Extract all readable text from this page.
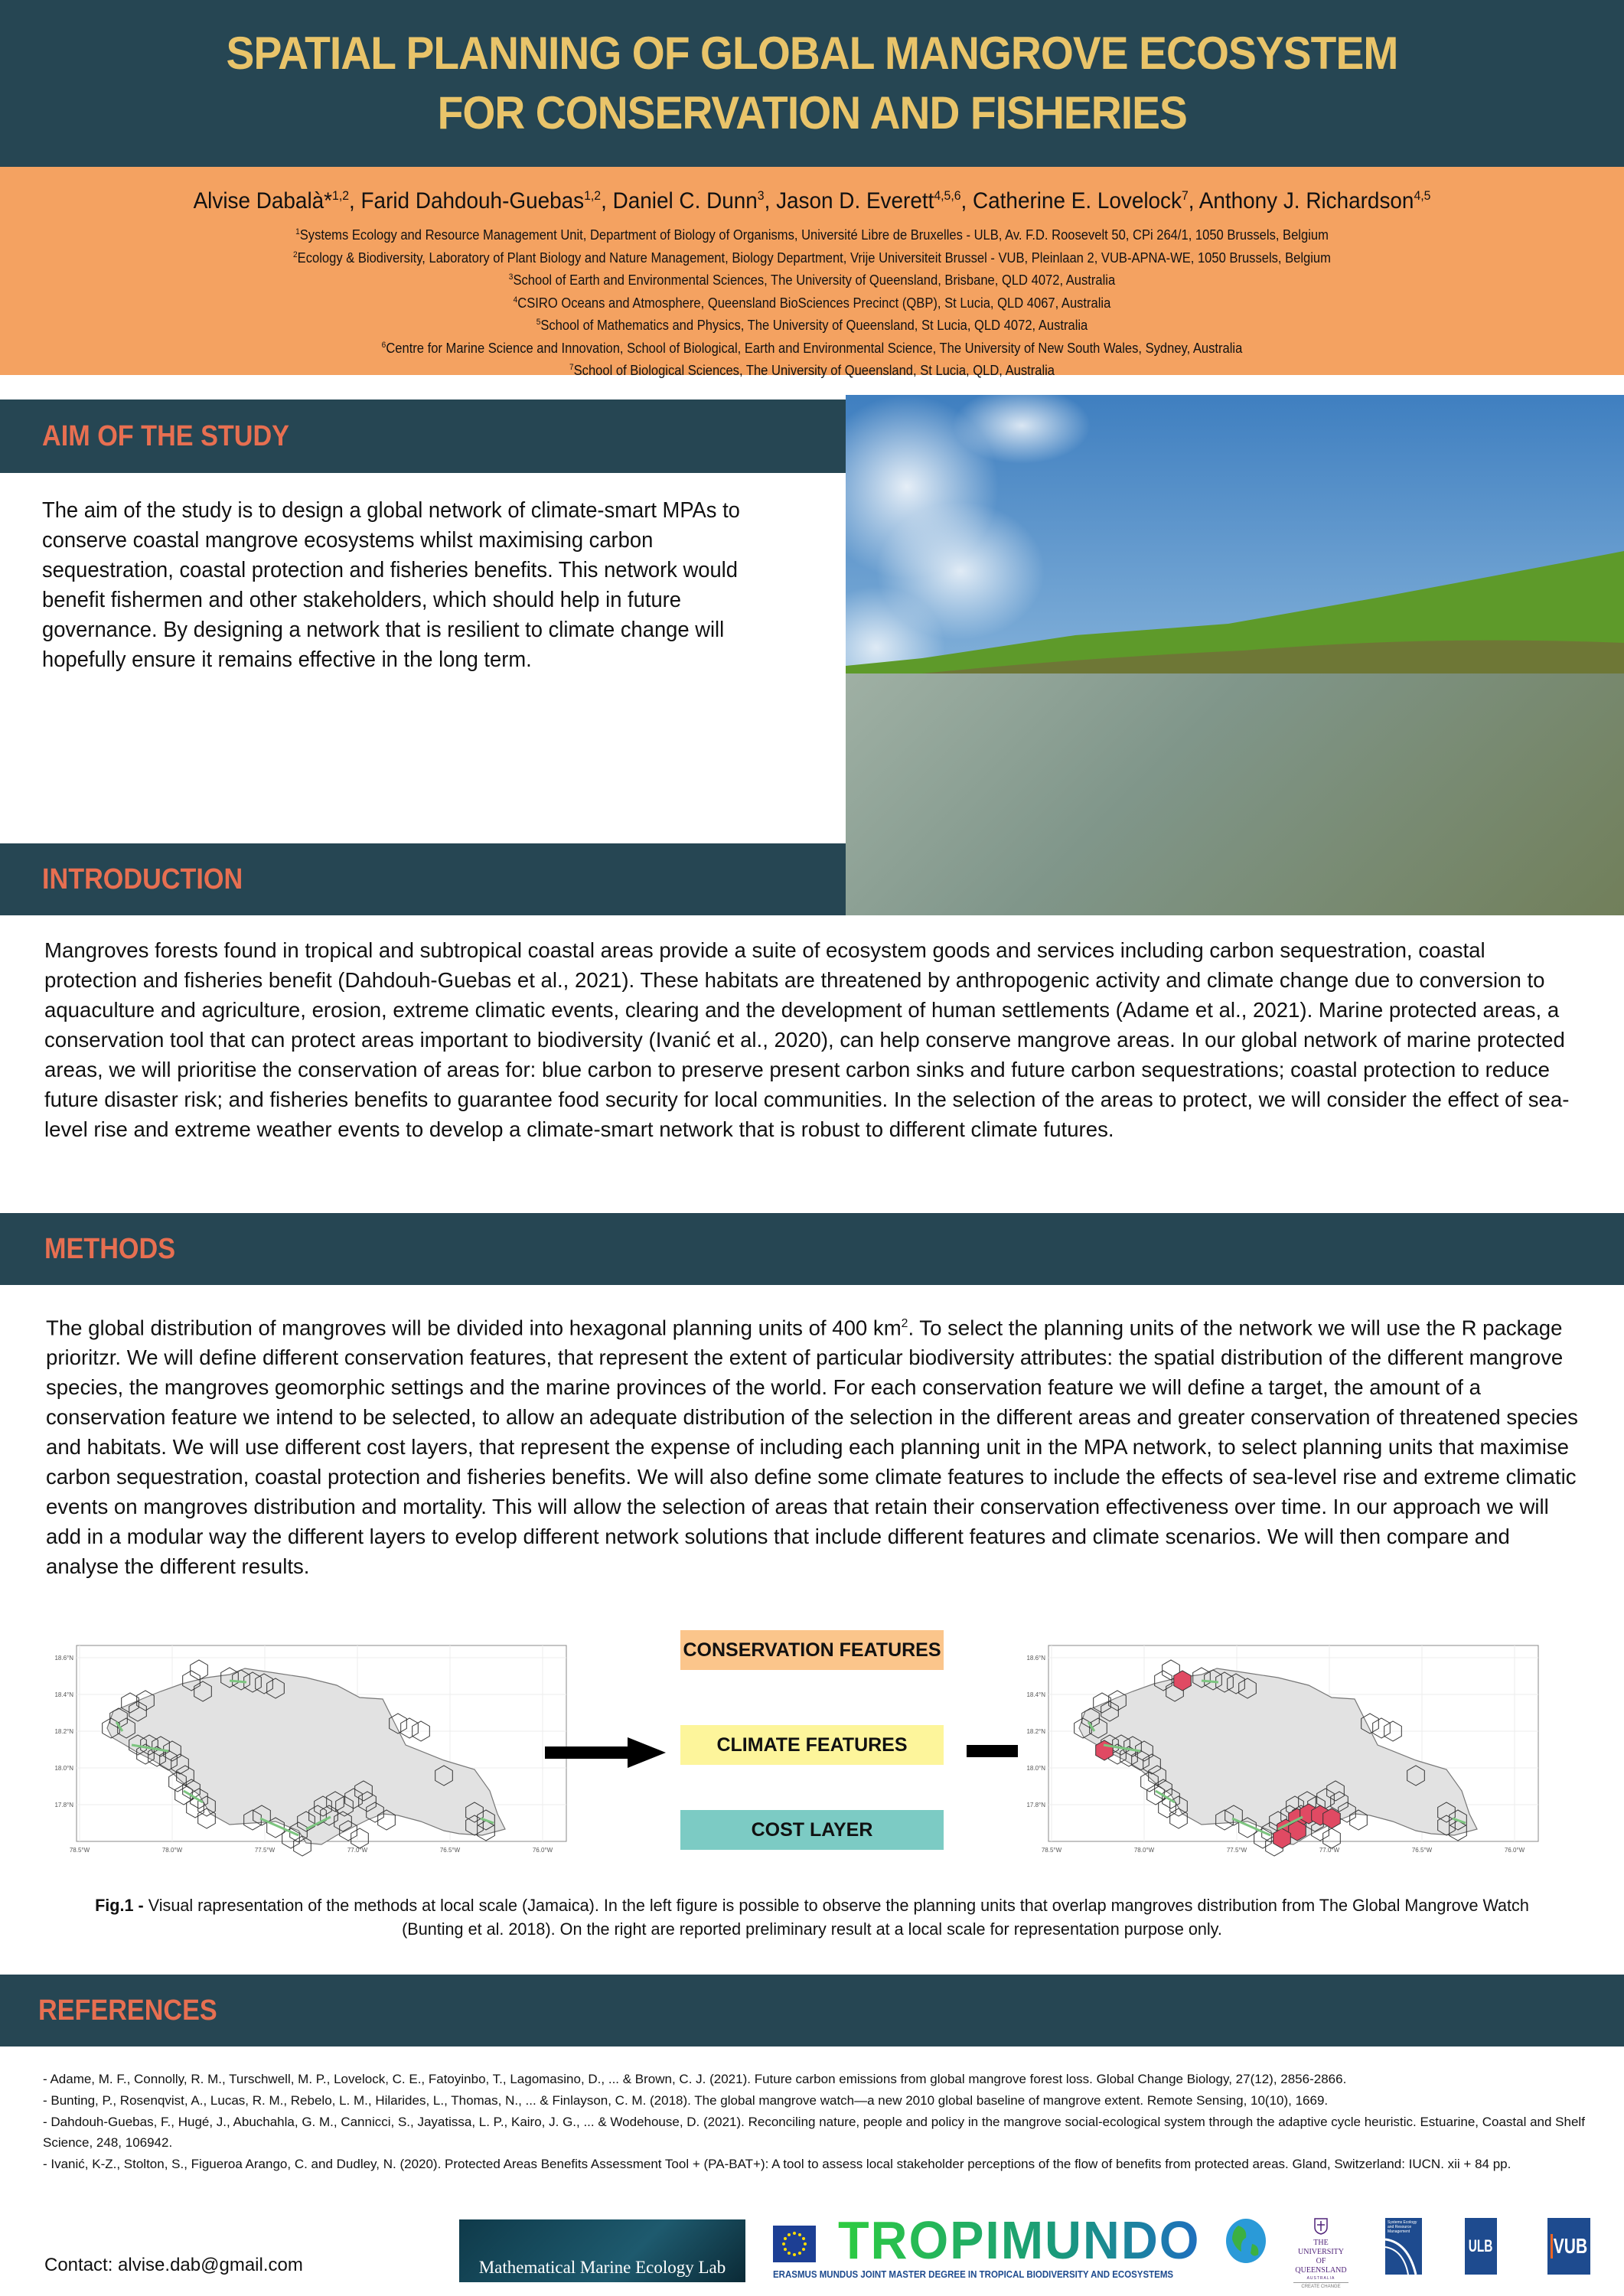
SPATIAL PLANNING OF GLOBAL MANGROVE ECOSYSTEM
FOR CONSERVATION AND FISHERIES
Alvise Dabalà*$^{1,2}$, Farid Dahdouh-Guebas$^{1,2}$, Daniel C. Dunn$^3$, Jason D. Everett$^{4,5,6}$, Catherine E. Lovelock$^7$, Anthony J. Richardson$^{4,5}$
$^1$Systems Ecology and Resource Management Unit, Department of Biology of Organisms, Université Libre de Bruxelles - ULB, Av. F.D. Roosevelt 50, CPi 264/1, 1050 Brussels, Belgium
$^2$Ecology & Biodiversity, Laboratory of Plant Biology and Nature Management, Biology Department, Vrije Universiteit Brussel - VUB, Pleinlaan 2, VUB-APNA-WE, 1050 Brussels, Belgium
$^3$School of Earth and Environmental Sciences, The University of Queensland, Brisbane, QLD 4072, Australia
$^4$CSIRO Oceans and Atmosphere, Queensland BioSciences Precinct (QBP), St Lucia, QLD 4067, Australia
$^5$School of Mathematics and Physics, The University of Queensland, St Lucia, QLD 4072, Australia
$^6$Centre for Marine Science and Innovation, School of Biological, Earth and Environmental Science, The University of New South Wales, Sydney, Australia
$^7$School of Biological Sciences, The University of Queensland, St Lucia, QLD, Australia
AIM OF THE STUDY
The aim of the study is to design a global network of climate-smart MPAs to conserve coastal mangrove ecosystems whilst maximising carbon sequestration, coastal protection and fisheries benefits. This network would benefit fishermen and other stakeholders, which should help in future governance. By designing a network that is resilient to climate change will hopefully ensure it remains effective in the long term.
INTRODUCTION
Mangroves forests found in tropical and subtropical coastal areas provide a suite of ecosystem goods and services including carbon sequestration, coastal protection and fisheries benefit (Dahdouh-Guebas et al., 2021). These habitats are threatened by anthropogenic activity and climate change due to conversion to aquaculture and agriculture, erosion, extreme climatic events, clearing and the development of human settlements (Adame et al., 2021). Marine protected areas, a conservation tool that can protect areas important to biodiversity (Ivanić et al., 2020), can help conserve mangrove areas. In our global network of marine protected areas, we will prioritise the conservation of areas for: blue carbon to preserve present carbon sinks and future carbon sequestrations; coastal protection to reduce future disaster risk; and fisheries benefits to guarantee food security for local communities. In the selection of the areas to protect, we will consider the effect of sea-level rise and extreme weather events to develop a climate-smart network that is robust to different climate futures.
METHODS
The global distribution of mangroves will be divided into hexagonal planning units of 400 $km^2$. To select the planning units of the network we will use the R package prioritzr. We will define different conservation features, that represent the extent of particular biodiversity attributes: the spatial distribution of the different mangrove species, the mangroves geomorphic settings and the marine provinces of the world. For each conservation feature we will define a target, the amount of a conservation feature we intend to be selected, to allow an adequate distribution of the selection in the different areas and greater conservation of threatened species and habitats. We will use different cost layers, that represent the expense of including each planning unit in the MPA network, to select planning units that maximise carbon sequestration, coastal protection and fisheries benefits. We will also define some climate features to include the effects of sea-level rise and extreme climatic events on mangroves distribution and mortality. This will allow the selection of areas that retain their conservation effectiveness over time. In our approach we will add in a modular way the different layers to evelop different network solutions that include different features and climate scenarios. We will then compare and analyse the different results.
18.6°N
18.4°N
18.2°N
18.0°N
17.8°N
78.5°W	78.0°W	77.5°W	77.0°W	76.5°W	76.0°W
CONSERVATION FEATURES
CLIMATE FEATURES
COST LAYER
18.6°N
18.4°N
18.2°N
18.0°N
17.8°N
78.5°W	78.0°W	77.5°W	77.0°W	76.5°W	76.0°W
Fig.1 - Visual rapresentation of the methods at local scale (Jamaica). In the left figure is possible to observe the planning units that overlap mangroves distribution from The Global Mangrove Watch (Bunting et al. 2018). On the right are reported preliminary result at a local scale for representation purpose only.
REFERENCES

- Adame, M. F., Connolly, R. M., Turschwell, M. P., Lovelock, C. E., Fatoyinbo, T., Lagomasino, D., ... & Brown, C. J. (2021). Future carbon emissions from global mangrove forest loss. Global Change Biology, 27(12), 2856-2866.

- Bunting, P., Rosenqvist, A., Lucas, R. M., Rebelo, L. M., Hilarides, L., Thomas, N., ... & Finlayson, C. M. (2018). The global mangrove watch—a new 2010 global baseline of mangrove extent. Remote Sensing, 10(10), 1669.

- Dahdouh-Guebas, F., Hugé, J., Abuchahla, G. M., Cannicci, S., Jayatissa, L. P., Kairo, J. G., ... & Wodehouse, D. (2021). Reconciling nature, people and policy in the mangrove social-ecological system through the adaptive cycle heuristic. Estuarine, Coastal and Shelf Science, 248, 106942.

- Ivanić, K-Z., Stolton, S., Figueroa Arango, C. and Dudley, N. (2020). Protected Areas Benefits Assessment Tool + (PA-BAT+): A tool to assess local stakeholder perceptions of the flow of benefits from protected areas. Gland, Switzerland: IUCN. xii + 84 pp.

Contact: alvise.dab@gmail.com	Mathematical Marine Ecology Lab TROPIMUNDO
ERASMUS MUNDUS JOINT MASTER DEGREE IN TROPICAL BIODIVERSITY AND ECOSYSTEMS
THE UNIVERSITY
OF QUEENSLAND
AUSTRALIA
CREATE CHANGE
Systems Ecology and Resource Management
ULB	VUB
